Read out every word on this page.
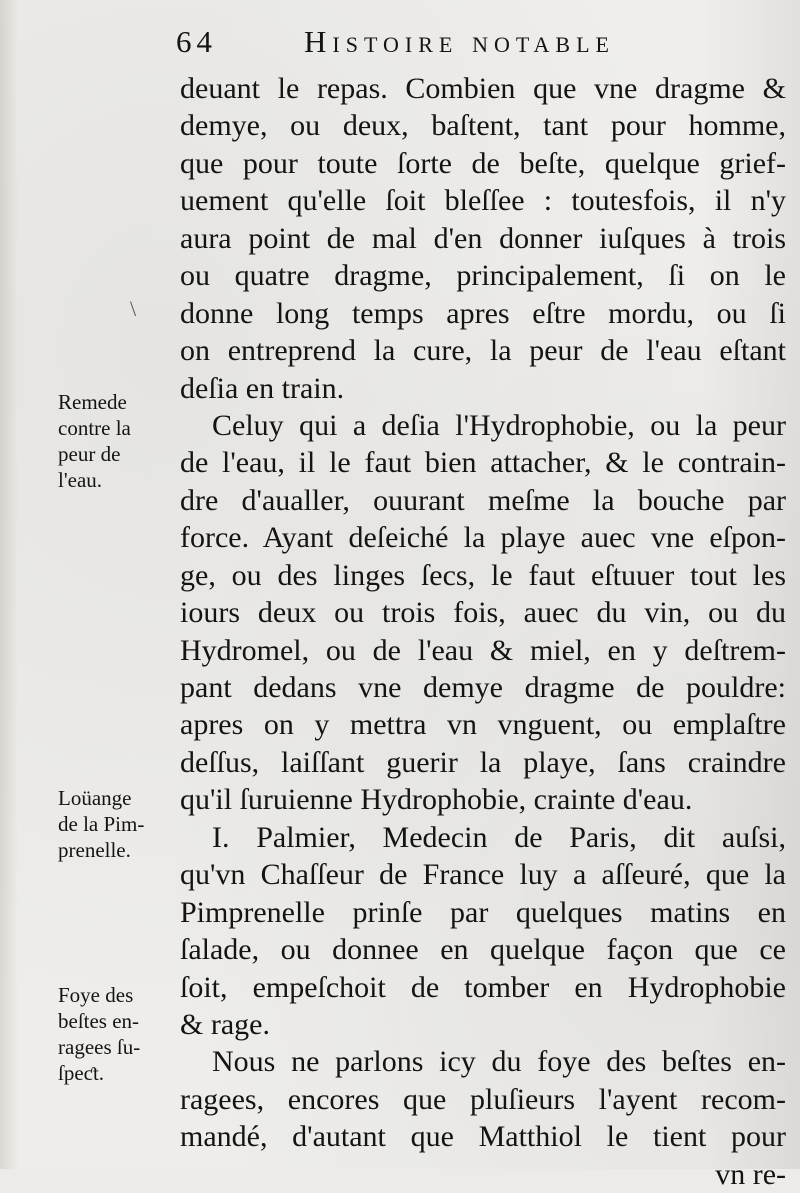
64	Histoire notable
\
deuant le repas. Combien que vne dragme &
demye, ou deux, baſtent, tant pour homme,
que pour toute ſorte de beſte, quelque grief-
uement qu'elle ſoit bleſſee : toutesfois, il n'y
aura point de mal d'en donner iuſques à trois
ou quatre dragme, principalement, ſi on le
donne long temps apres eſtre mordu, ou ſi
on entreprend la cure, la peur de l'eau eſtant
deſia en train.
Celuy qui a deſia l'Hydrophobie, ou la peur
de l'eau, il le faut bien attacher, & le contrain-
dre d'aualler, ouurant meſme la bouche par
force. Ayant deſeiché la playe auec vne eſpon-
ge, ou des linges ſecs, le faut eſtuuer tout les
iours deux ou trois fois, auec du vin, ou du
Hydromel, ou de l'eau & miel, en y deſtrem-
pant dedans vne demye dragme de pouldre:
apres on y mettra vn vnguent, ou emplaſtre
deſſus, laiſſant guerir la playe, ſans craindre
qu'il ſuruienne Hydrophobie, crainte d'eau.
I. Palmier, Medecin de Paris, dit auſsi,
qu'vn Chaſſeur de France luy a aſſeuré, que la
Pimprenelle prinſe par quelques matins en
ſalade, ou donnee en quelque façon que ce
ſoit, empeſchoit de tomber en Hydrophobie
& rage.
Nous ne parlons icy du foye des beſtes en-
ragees, encores que pluſieurs l'ayent recom-
mandé, d'autant que Matthiol le tient pour
vn re-
Remede
contre la
peur de
l'eau.
Loüange
de la Pim-
prenelle.
Foye des
beſtes en-
ragees ſu-
ſpeƈt.
